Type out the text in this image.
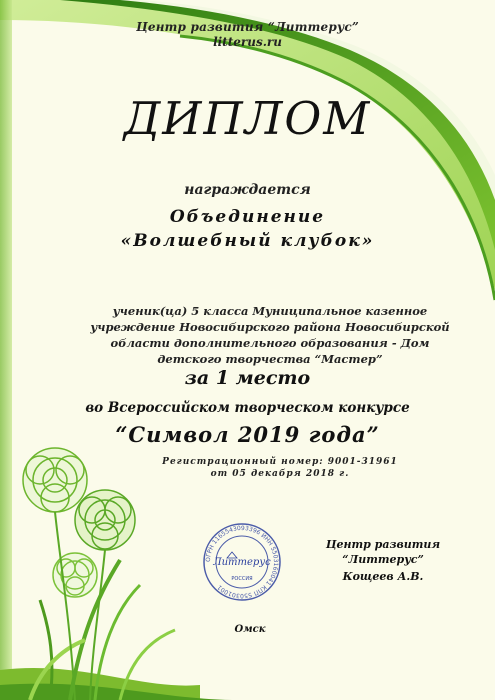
Центр развития “Литтерус”
litterus.ru
ДИПЛОМ
награждается
Объединение
«Волшебный клубок»
ученик(ца) 5 класса Муниципальное казенное учреждение Новосибирского района Новосибирской области дополнительного образования - Дом детского творчества “Мастер”
за 1 место
во Всероссийском творческом конкурсе
“Символ 2019 года”
Регистрационный номер: 9001-31961
от 05 декабря 2018 г.
ОГРН 1165543093396 ИНН 5503160041 КПП 550301001
Литтерус
РОССИЯ
Центр развития
“Литтерус”
Кощеев А.В.
Омск
